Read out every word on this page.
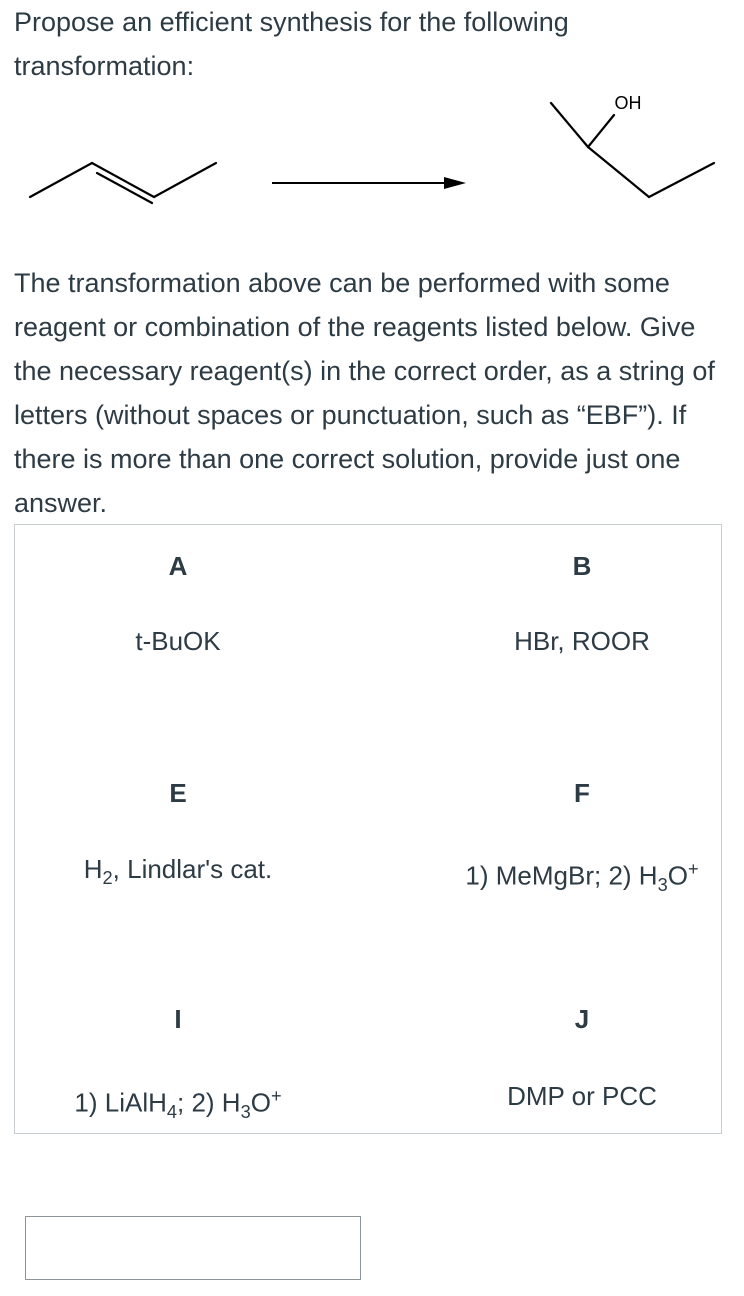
Propose an efficient synthesis for the following transformation:

OH

The transformation above can be performed with some reagent or combination of the reagents listed below. Give the necessary reagent(s) in the correct order, as a string of letters (without spaces or punctuation, such as “EBF”). If there is more than one correct solution, provide just one answer.

A
t-BuOK
B
HBr, ROOR
E
$H_2$, Lindlar's cat.
F
1) MeMgBr; 2) $H_3O^+$
I
1) LiAlH$_4$; 2) $H_3O^+$
J
DMP or PCC
